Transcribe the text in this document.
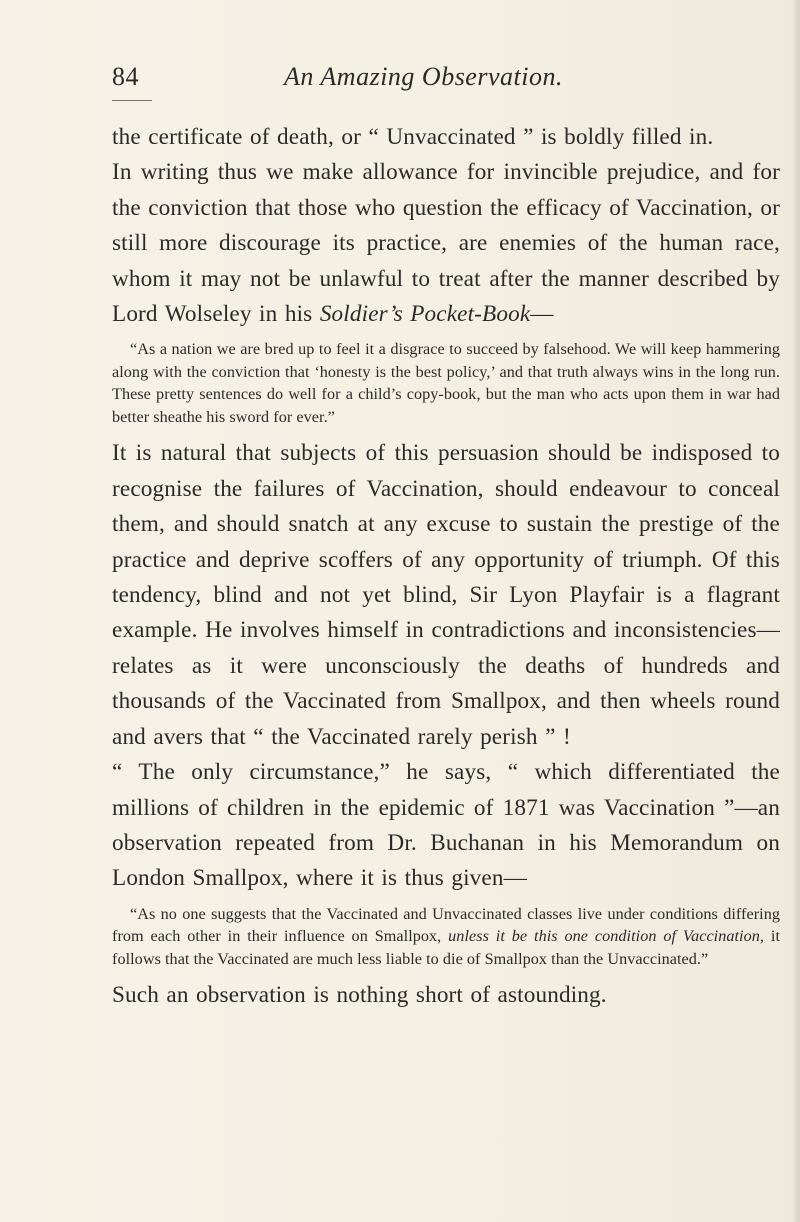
84	An Amazing Observation.

the certificate of death, or “ Unvaccinated ” is boldly filled in.

In writing thus we make allowance for invincible prejudice, and for the conviction that those who question the efficacy of Vaccination, or still more discourage its practice, are enemies of the human race, whom it may not be unlawful to treat after the manner described by Lord Wolseley in his Soldier’s Pocket-Book—

“As a nation we are bred up to feel it a disgrace to succeed by falsehood. We will keep hammering along with the conviction that ‘honesty is the best policy,’ and that truth always wins in the long run. These pretty sentences do well for a child’s copy-book, but the man who acts upon them in war had better sheathe his sword for ever.”

It is natural that subjects of this persuasion should be indisposed to recognise the failures of Vaccination, should endeavour to conceal them, and should snatch at any excuse to sustain the prestige of the practice and deprive scoffers of any opportunity of triumph. Of this tendency, blind and not yet blind, Sir Lyon Playfair is a flagrant example. He involves himself in contradictions and inconsistencies—relates as it were unconsciously the deaths of hundreds and thousands of the Vaccinated from Smallpox, and then wheels round and avers that “ the Vaccinated rarely perish ” !

“ The only circumstance,” he says, “ which differentiated the millions of children in the epidemic of 1871 was Vaccination ”—an observation repeated from Dr. Buchanan in his Memorandum on London Smallpox, where it is thus given—

“As no one suggests that the Vaccinated and Unvaccinated classes live under conditions differing from each other in their influence on Smallpox, unless it be this one condition of Vaccination, it follows that the Vaccinated are much less liable to die of Smallpox than the Unvaccinated.”

Such an observation is nothing short of astounding.
